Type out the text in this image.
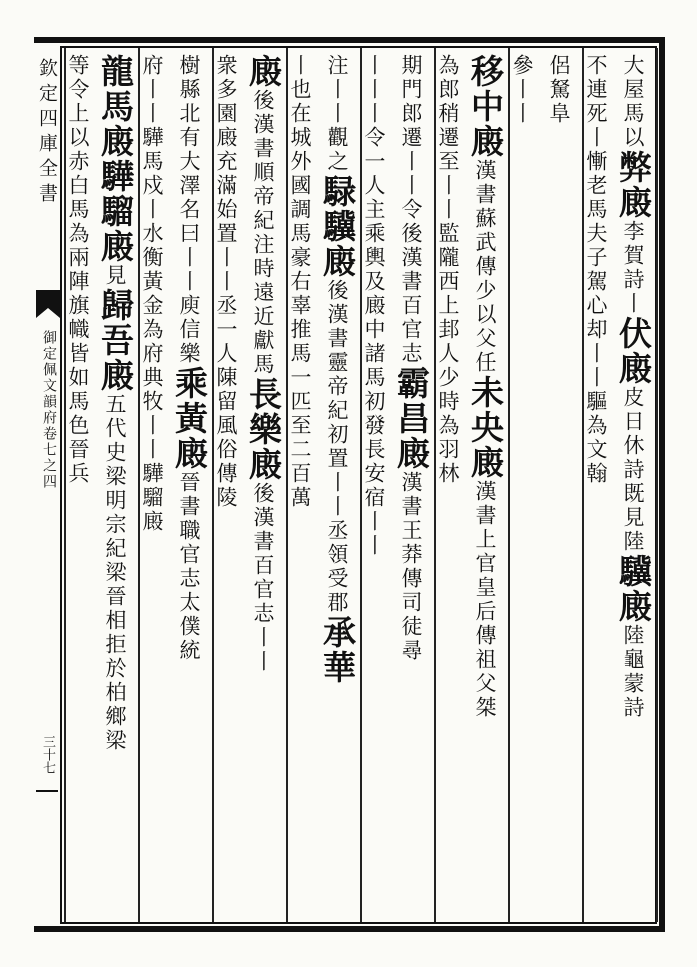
欽定四庫全書
御定佩文韻府卷七之四
三十七
大屋馬以弊廄李賀詩丨伏廄皮日休詩既見陸驥廄陸龜蒙詩
不連死丨慚老馬夫子駕心却丨丨驅為文翰
侶駑阜
參丨丨
移中廄漢書蘇武傳少以父任未央廄漢書上官皇后傳祖父桀
為郎稍遷至丨丨監隴西上邽人少時為羽林
期門郎遷丨丨令後漢書百官志霸昌廄漢書王莽傳司徒尋
丨丨丨令一人主乘輿及廄中諸馬初發長安宿丨丨
注丨丨觀之騄驥廄後漢書靈帝紀初置丨丨丞領受郡承華
丨也在城外國調馬豪右辜推馬一匹至二百萬
廄後漢書順帝紀注時遠近獻馬長樂廄後漢書百官志丨丨
衆多園廄充滿始置丨丨丞一人陳留風俗傳陵
樹縣北有大澤名曰丨丨庾信樂乘黃廄晉書職官志太僕統
府丨丨驊馬戍丨水衡黃金為府典牧丨丨驊騮廄
龍馬廄驊騮廄見歸吾廄五代史梁明宗紀梁晉相拒於柏鄉梁
等令上以赤白馬為兩陣旗幟皆如馬色晉兵
